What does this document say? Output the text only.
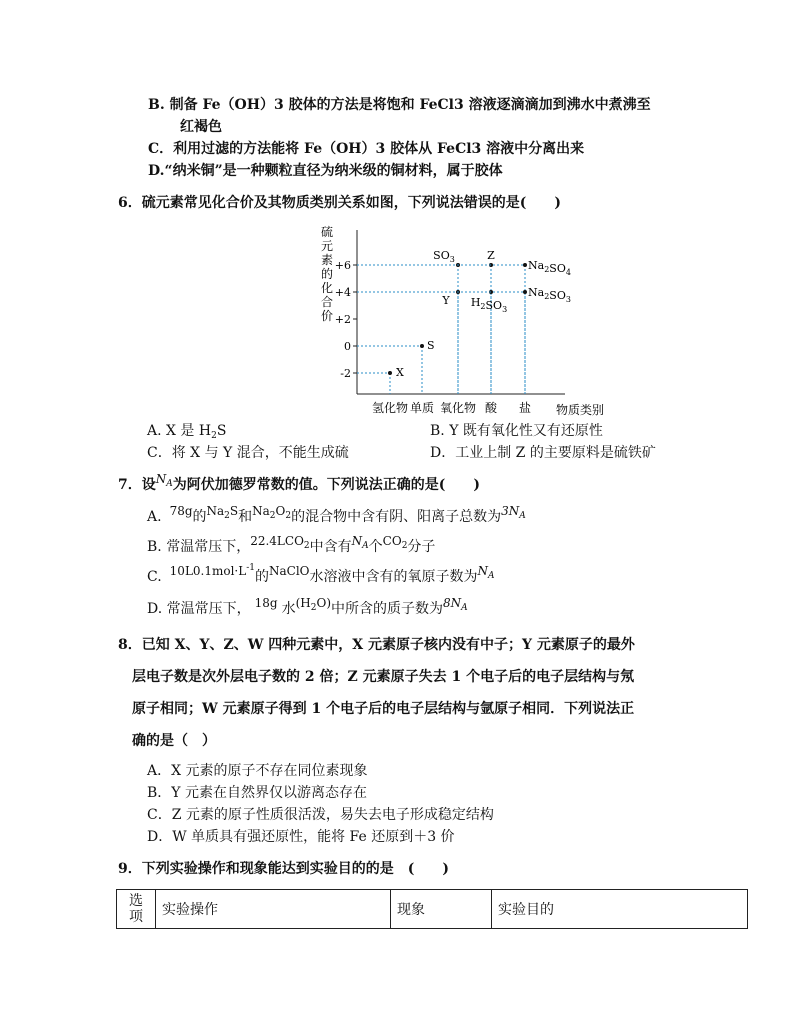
B. 制备 Fe（OH）3 胶体的方法是将饱和 FeCl3 溶液逐滴滴加到沸水中煮沸至
红褐色
C．利用过滤的方法能将 Fe（OH）3 胶体从 FeCl3 溶液中分离出来
D.“纳米铜”是一种颗粒直径为纳米级的铜材料，属于胶体
6．硫元素常见化合价及其物质类别关系如图，下列说法错误的是(　　)
硫
元
素
的
化
合
价
+6
+4
+2
0
-2
氢化物 单质 氧化物 酸 盐 物质类别
X
S
$SO_3$
Y
Z
$H_2SO_3$
$Na_2SO_4$
$Na_2SO_3$
A. X 是 $H_2S$	B. Y 既有氧化性又有还原性
C．将 X 与 Y 混合，不能生成硫	D．工业上制 Z 的主要原料是硫铁矿
7．设$N_A$为阿伏加德罗常数的值。下列说法正确的是(　　)
A. 78g的$Na_2S$和$Na_2O_2$的混合物中含有阴、阳离子总数为$3N_A$
B. 常温常压下，$22.4LCO_2$中含有$N_A$个$CO_2$分子
C. $10L0.1mol\cdot L^{-1}$的NaClO水溶液中含有的氧原子数为$N_A$
D. 常温常压下， 18g 水$(H_2O)$中所含的质子数为$8N_A$
8．已知 X、Y、Z、W 四种元素中，X 元素原子核内没有中子；Y 元素原子的最外
层电子数是次外层电子数的 2 倍；Z 元素原子失去 1 个电子后的电子层结构与氖
原子相同；W 元素原子得到 1 个电子后的电子层结构与氩原子相同．下列说法正
确的是（　）
A．X 元素的原子不存在同位素现象
B．Y 元素在自然界仅以游离态存在
C．Z 元素的原子性质很活泼，易失去电子形成稳定结构
D．W 单质具有强还原性，能将 Fe 还原到＋3 价
9．下列实验操作和现象能达到实验目的的是　(　　)
选项	实验操作	现象	实验目的
